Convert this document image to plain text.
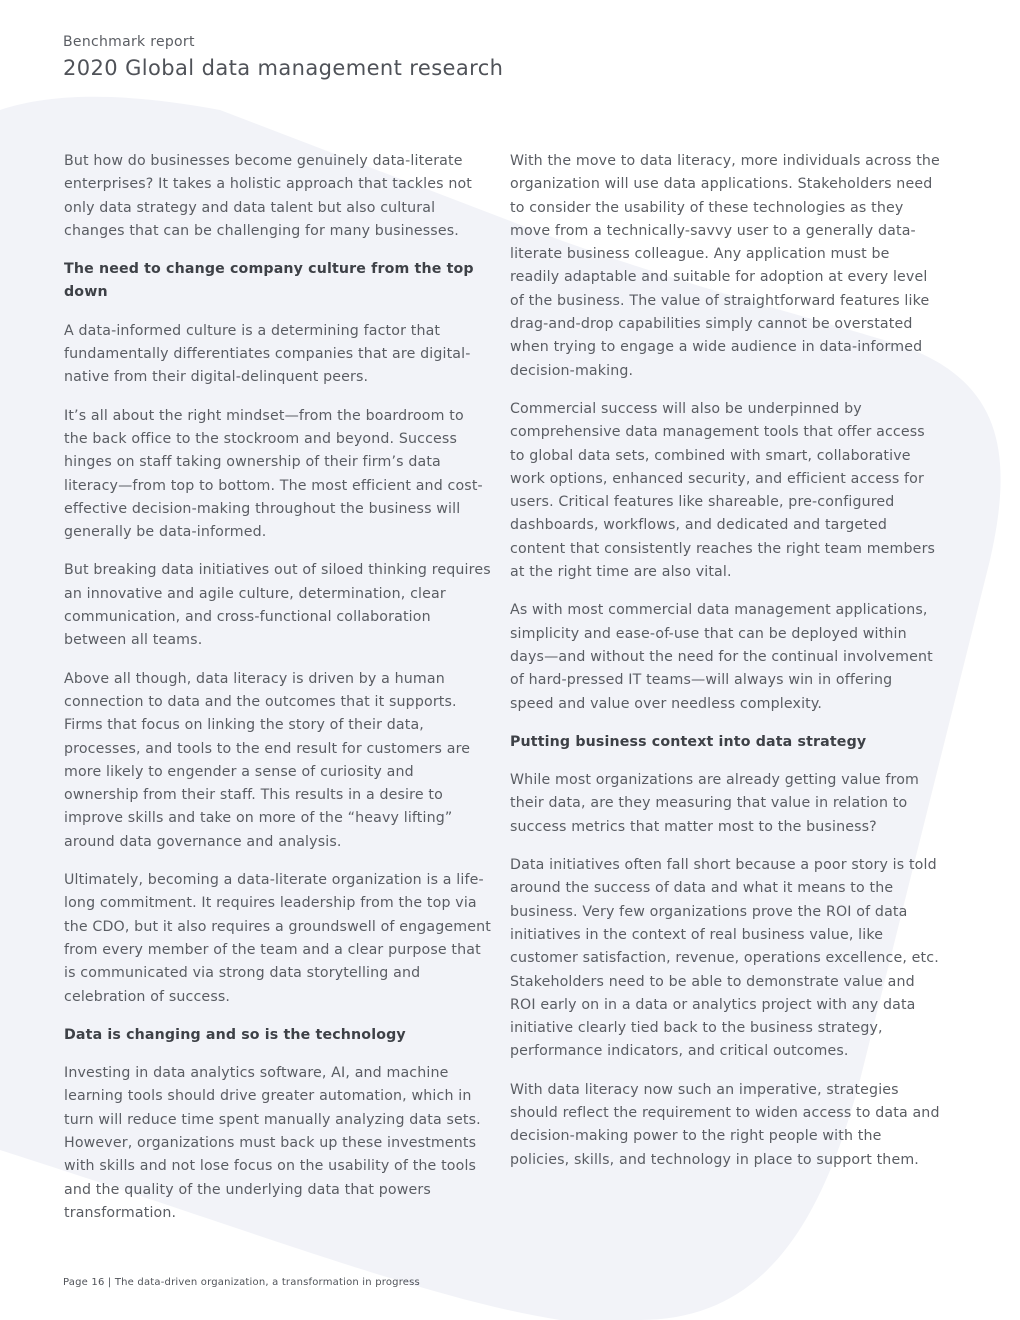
Benchmark report

2020 Global data management research

But how do businesses become genuinely data-literate enterprises? It takes a holistic approach that tackles not only data strategy and data talent but also cultural changes that can be challenging for many businesses.

The need to change company culture from the top down

A data-informed culture is a determining factor that fundamentally differentiates companies that are digital-native from their digital-delinquent peers.

It’s all about the right mindset—from the boardroom to the back office to the stockroom and beyond. Success hinges on staff taking ownership of their firm’s data literacy—from top to bottom. The most efficient and cost-effective decision-making throughout the business will generally be data-informed.

But breaking data initiatives out of siloed thinking requires an innovative and agile culture, determination, clear communication, and cross-functional collaboration between all teams.

Above all though, data literacy is driven by a human connection to data and the outcomes that it supports. Firms that focus on linking the story of their data, processes, and tools to the end result for customers are more likely to engender a sense of curiosity and ownership from their staff. This results in a desire to improve skills and take on more of the “heavy lifting” around data governance and analysis.

Ultimately, becoming a data-literate organization is a life-long commitment. It requires leadership from the top via the CDO, but it also requires a groundswell of engagement from every member of the team and a clear purpose that is communicated via strong data storytelling and celebration of success.

Data is changing and so is the technology

Investing in data analytics software, AI, and machine learning tools should drive greater automation, which in turn will reduce time spent manually analyzing data sets. However, organizations must back up these investments with skills and not lose focus on the usability of the tools and the quality of the underlying data that powers transformation.

With the move to data literacy, more individuals across the organization will use data applications. Stakeholders need to consider the usability of these technologies as they move from a technically-savvy user to a generally data-literate business colleague. Any application must be readily adaptable and suitable for adoption at every level of the business. The value of straightforward features like drag-and-drop capabilities simply cannot be overstated when trying to engage a wide audience in data-informed decision-making.

Commercial success will also be underpinned by comprehensive data management tools that offer access to global data sets, combined with smart, collaborative work options, enhanced security, and efficient access for users. Critical features like shareable, pre-configured dashboards, workflows, and dedicated and targeted content that consistently reaches the right team members at the right time are also vital.

As with most commercial data management applications, simplicity and ease-of-use that can be deployed within days—and without the need for the continual involvement of hard-pressed IT teams—will always win in offering speed and value over needless complexity.

Putting business context into data strategy

While most organizations are already getting value from their data, are they measuring that value in relation to success metrics that matter most to the business?

Data initiatives often fall short because a poor story is told around the success of data and what it means to the business. Very few organizations prove the ROI of data initiatives in the context of real business value, like customer satisfaction, revenue, operations excellence, etc. Stakeholders need to be able to demonstrate value and ROI early on in a data or analytics project with any data initiative clearly tied back to the business strategy, performance indicators, and critical outcomes.

With data literacy now such an imperative, strategies should reflect the requirement to widen access to data and decision-making power to the right people with the policies, skills, and technology in place to support them.

Page 16 | The data-driven organization, a transformation in progress
